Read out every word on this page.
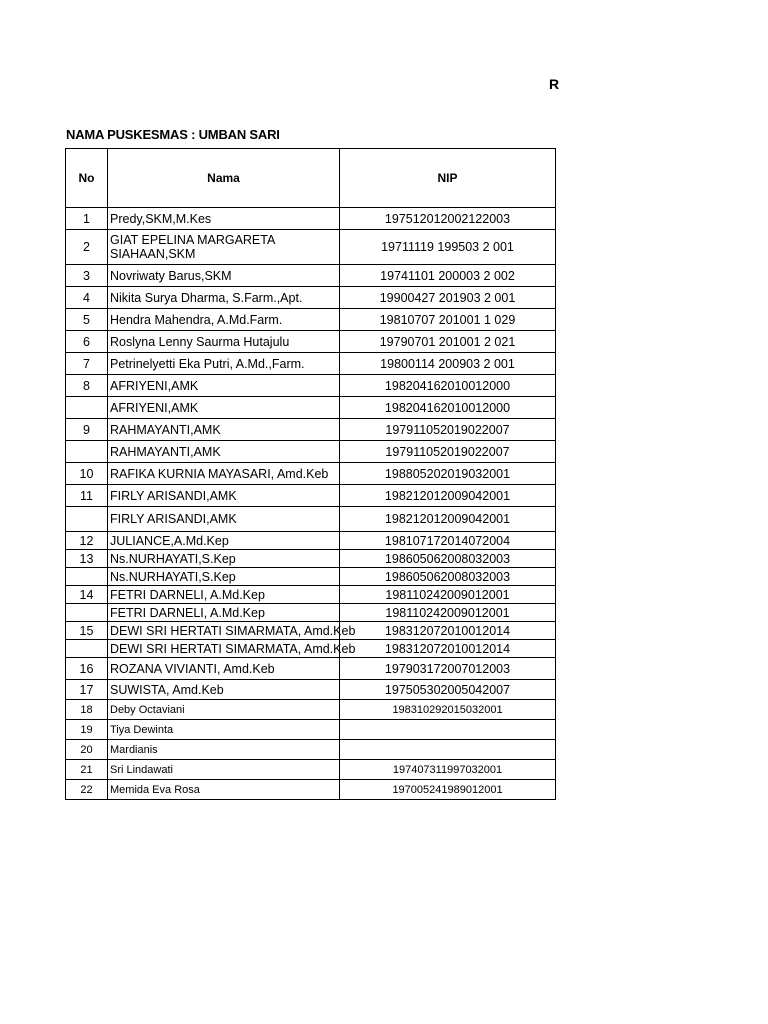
R
NAMA PUSKESMAS : UMBAN SARI
No	Nama	NIP
1	Predy,SKM,M.Kes	197512012002122003
2	GIAT EPELINA MARGARETA SIAHAAN,SKM	19711119 199503 2 001
3	Novriwaty Barus,SKM	19741101 200003 2 002
4	Nikita Surya Dharma, S.Farm.,Apt.	19900427 201903 2 001
5	Hendra Mahendra, A.Md.Farm.	19810707 201001 1 029
6	Roslyna Lenny Saurma Hutajulu	19790701 201001 2 021
7	Petrinelyetti Eka Putri, A.Md.,Farm.	19800114 200903 2 001
8	AFRIYENI,AMK	198204162010012000
	AFRIYENI,AMK	198204162010012000
9	RAHMAYANTI,AMK	197911052019022007
	RAHMAYANTI,AMK	197911052019022007
10	RAFIKA KURNIA MAYASARI, Amd.Keb	198805202019032001
11	FIRLY ARISANDI,AMK	198212012009042001
	FIRLY ARISANDI,AMK	198212012009042001
12	JULIANCE,A.Md.Kep	198107172014072004
13	Ns.NURHAYATI,S.Kep	198605062008032003
	Ns.NURHAYATI,S.Kep	198605062008032003
14	FETRI DARNELI, A.Md.Kep	198110242009012001
	FETRI DARNELI, A.Md.Kep	198110242009012001
15	DEWI SRI HERTATI SIMARMATA, Amd.Keb	198312072010012014
	DEWI SRI HERTATI SIMARMATA, Amd.Keb	198312072010012014
16	ROZANA VIVIANTI, Amd.Keb	197903172007012003
17	SUWISTA, Amd.Keb	197505302005042007
18	Deby Octaviani	198310292015032001
19	Tiya Dewinta	
20	Mardianis	
21	Sri Lindawati	197407311997032001
22	Memida Eva Rosa	197005241989012001
